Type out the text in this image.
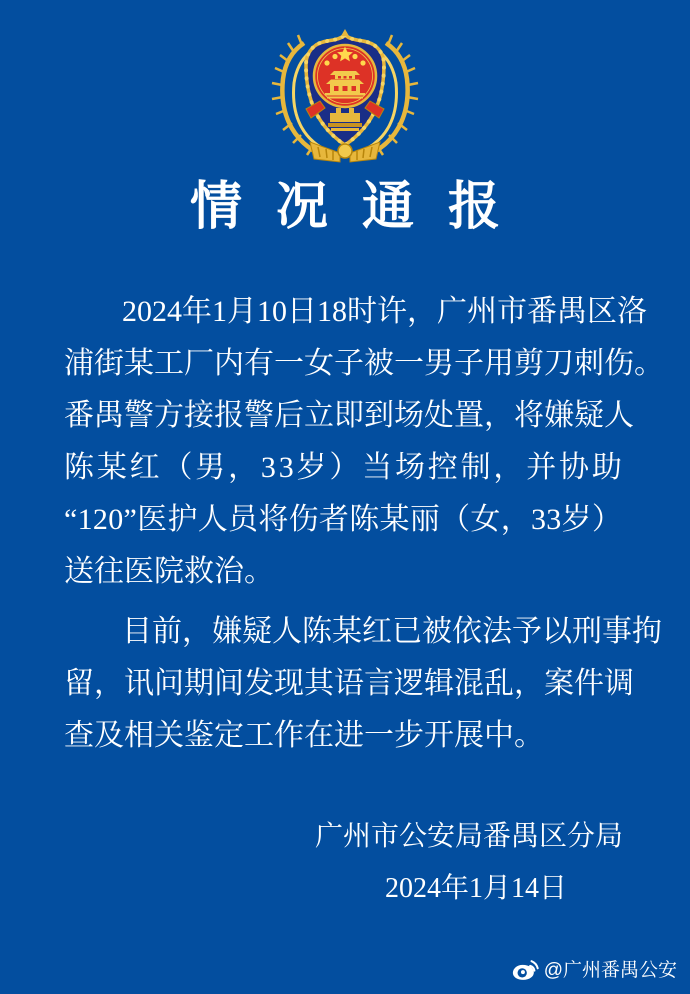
情况通报
2 0 2 4 年 1 月 1 0 日 1 8 时 许 ， 广 州 市 番 禺 区 洛
浦 街 某 工 厂 内 有 一 女 子 被 一 男 子 用 剪 刀 刺 伤 。
番 禺 警 方 接 报 警 后 立 即 到 场 处 置 ， 将 嫌 疑 人
陈 某 红 （ 男 ， 3 3 岁 ） 当 场 控 制 ， 并 协 助
“ 1 2 0 ” 医 护 人 员 将 伤 者 陈 某 丽 （ 女 ， 3 3 岁 ）
送往医院救治。
目 前 ， 嫌 疑 人 陈 某 红 已 被 依 法 予 以 刑 事 拘
留 ， 讯 问 期 间 发 现 其 语 言 逻 辑 混 乱 ， 案 件 调
查及相关鉴定工作在进一步开展中。
广州市公安局番禺区分局
2024年1月14日
@广州番禺公安
